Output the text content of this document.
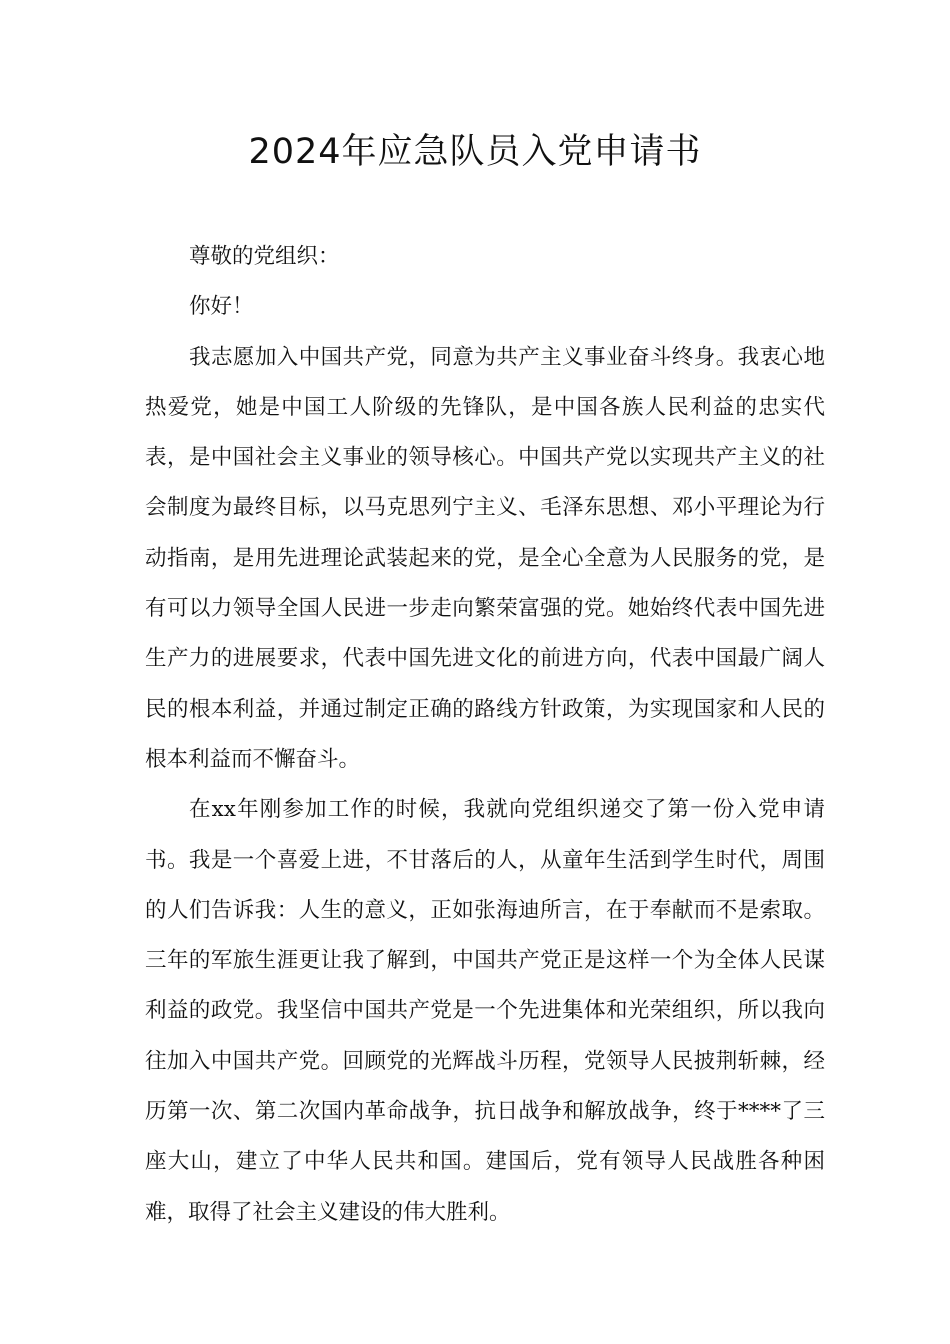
2024年应急队员入党申请书

尊敬的党组织：

你好！

我志愿加入中国共产党，同意为共产主义事业奋斗终身。我衷心地热爱党，她是中国工人阶级的先锋队，是中国各族人民利益的忠实代表，是中国社会主义事业的领导核心。中国共产党以实现共产主义的社会制度为最终目标，以马克思列宁主义、毛泽东思想、邓小平理论为行动指南，是用先进理论武装起来的党，是全心全意为人民服务的党，是有可以力领导全国人民进一步走向繁荣富强的党。她始终代表中国先进生产力的进展要求，代表中国先进文化的前进方向，代表中国最广阔人民的根本利益，并通过制定正确的路线方针政策，为实现国家和人民的根本利益而不懈奋斗。

在xx年刚参加工作的时候，我就向党组织递交了第一份入党申请书。我是一个喜爱上进，不甘落后的人，从童年生活到学生时代，周围的人们告诉我：人生的意义，正如张海迪所言，在于奉献而不是索取。三年的军旅生涯更让我了解到，中国共产党正是这样一个为全体人民谋利益的政党。我坚信中国共产党是一个先进集体和光荣组织，所以我向往加入中国共产党。回顾党的光辉战斗历程，党领导人民披荆斩棘，经历第一次、第二次国内革命战争，抗日战争和解放战争，终于****了三座大山，建立了中华人民共和国。建国后，党有领导人民战胜各种困难，取得了社会主义建设的伟大胜利。
